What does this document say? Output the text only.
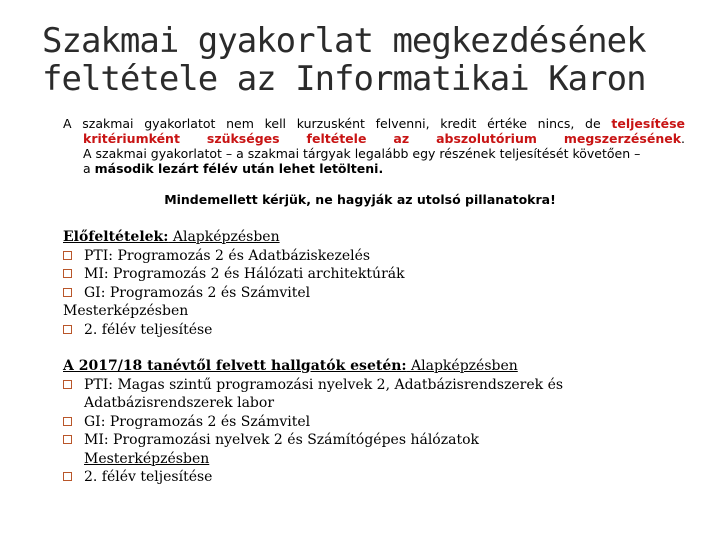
Szakmai gyakorlat megkezdésének feltétele az Informatikai Karon
A szakmai gyakorlatot nem kell kurzusként felvenni, kredit értéke nincs, de teljesítése
kritériumként szükséges feltétele az abszolutórium megszerzésének.
A szakmai gyakorlatot – a szakmai tárgyak legalább egy részének teljesítését követően –
a második lezárt félév után lehet letölteni.
Mindemellett kérjük, ne hagyják az utolsó pillanatokra!
Előfeltételek: Alapképzésben
PTI: Programozás 2 és Adatbáziskezelés
MI: Programozás 2 és Hálózati architektúrák
GI: Programozás 2 és Számvitel
Mesterképzésben
2. félév teljesítése
A 2017/18 tanévtől felvett hallgatók esetén: Alapképzésben
PTI: Magas szintű programozási nyelvek 2, Adatbázisrendszerek és
Adatbázisrendszerek labor
GI: Programozás 2 és Számvitel
MI: Programozási nyelvek 2 és Számítógépes hálózatok
Mesterképzésben
2. félév teljesítése
